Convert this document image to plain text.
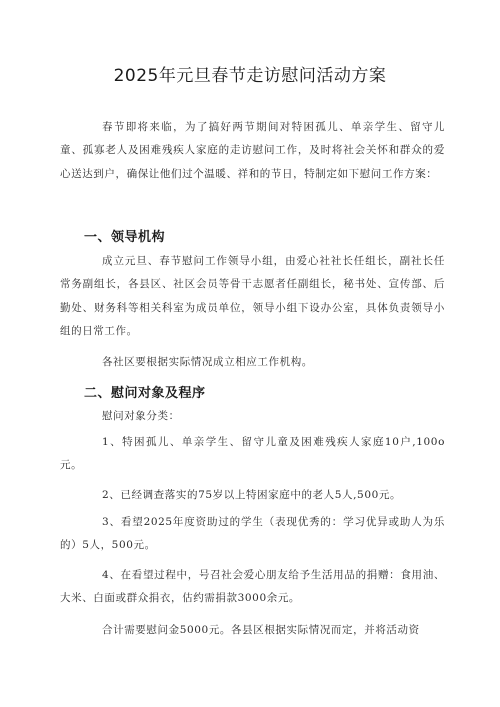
2025年元旦春节走访慰问活动方案

春节即将来临，为了搞好两节期间对特困孤儿、单亲学生、留守儿童、孤寡老人及困难残疾人家庭的走访慰问工作，及时将社会关怀和群众的爱心送达到户，确保让他们过个温暖、祥和的节日，特制定如下慰问工作方案：

一、领导机构

成立元旦、春节慰问工作领导小组，由爱心社社长任组长，副社长任常务副组长，各县区、社区会员等骨干志愿者任副组长，秘书处、宣传部、后勤处、财务科等相关科室为成员单位，领导小组下设办公室，具体负责领导小组的日常工作。

各社区要根据实际情况成立相应工作机构。

二、慰问对象及程序

慰问对象分类：

1、特困孤儿、单亲学生、留守儿童及困难残疾人家庭10户,100o元。

2、已经调查落实的75岁以上特困家庭中的老人5人,500元。

3、看望2025年度资助过的学生（表现优秀的：学习优异或助人为乐的）5人，500元。

4、在看望过程中，号召社会爱心朋友给予生活用品的捐赠：食用油、大米、白面或群众捐衣，估约需捐款3000余元。

合计需要慰问金5000元。各县区根据实际情况而定，并将活动资
